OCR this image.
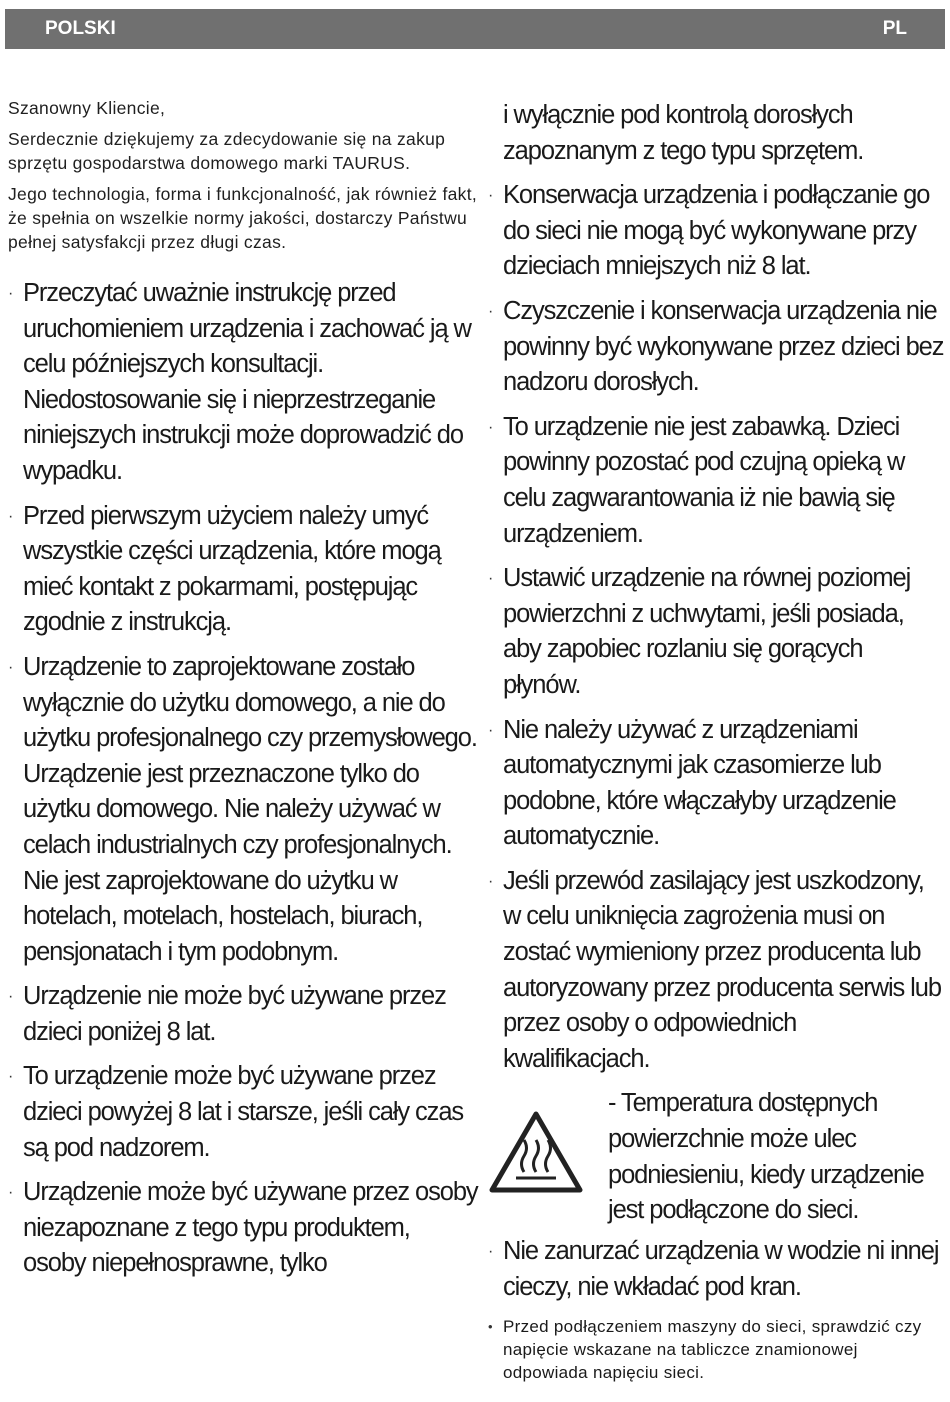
POLSKI	PL

Szanowny Kliencie,

Serdecznie dziękujemy za zdecydowanie się na zakup sprzętu gospodarstwa domowego marki TAURUS.

Jego technologia, forma i funkcjonalność, jak również fakt, że spełnia on wszelkie normy jakości, dostarczy Państwu pełnej satysfakcji przez długi czas.

· Przeczytać uważnie instrukcję przed uruchomieniem urządzenia i zachować ją w celu późniejszych konsultacji. Niedostosowanie się i nieprzestrzeganie niniejszych instrukcji może doprowadzić do wypadku.
· Przed pierwszym użyciem należy umyć wszystkie części urządzenia, które mogą mieć kontakt z pokarmami, postępując zgodnie z instrukcją.
· Urządzenie to zaprojektowane zostało wyłącznie do użytku domowego, a nie do użytku profesjonalnego czy przemysłowego. Urządzenie jest przeznaczone tylko do użytku domowego. Nie należy używać w celach industrialnych czy profesjonalnych. Nie jest zaprojektowane do użytku w hotelach, motelach, hostelach, biurach, pensjonatach i tym podobnym.
· Urządzenie nie może być używane przez dzieci poniżej 8 lat.
· To urządzenie może być używane przez dzieci powyżej 8 lat i starsze, jeśli cały czas są pod nadzorem.
· Urządzenie może być używane przez osoby niezapoznane z tego typu produktem, osoby niepełnosprawne, tylko
i wyłącznie pod kontrolą dorosłych zapoznanym z tego typu sprzętem.
· Konserwacja urządzenia i podłączanie go do sieci nie mogą być wykonywane przy dzieciach mniejszych niż 8 lat.
· Czyszczenie i konserwacja urządzenia nie powinny być wykonywane przez dzieci bez nadzoru dorosłych.
· To urządzenie nie jest zabawką. Dzieci powinny pozostać pod czujną opieką w celu zagwarantowania iż nie bawią się urządzeniem.
· Ustawić urządzenie na równej poziomej powierzchni z uchwytami, jeśli posiada, aby zapobiec rozlaniu się gorących płynów.
· Nie należy używać z urządzeniami automatycznymi jak czasomierze lub podobne, które włączałyby urządzenie automatycznie.
· Jeśli przewód zasilający jest uszkodzony, w celu uniknięcia zagrożenia musi on zostać wymieniony przez producenta lub autoryzowany przez producenta serwis lub przez osoby o odpowiednich kwalifikacjach.
- Temperatura dostępnych powierzchnie może ulec podniesieniu, kiedy urządzenie jest podłączone do sieci.
· Nie zanurzać urządzenia w wodzie ni innej cieczy, nie wkładać pod kran.
• Przed podłączeniem maszyny do sieci, sprawdzić czy napięcie wskazane na tabliczce znamionowej odpowiada napięciu sieci.
